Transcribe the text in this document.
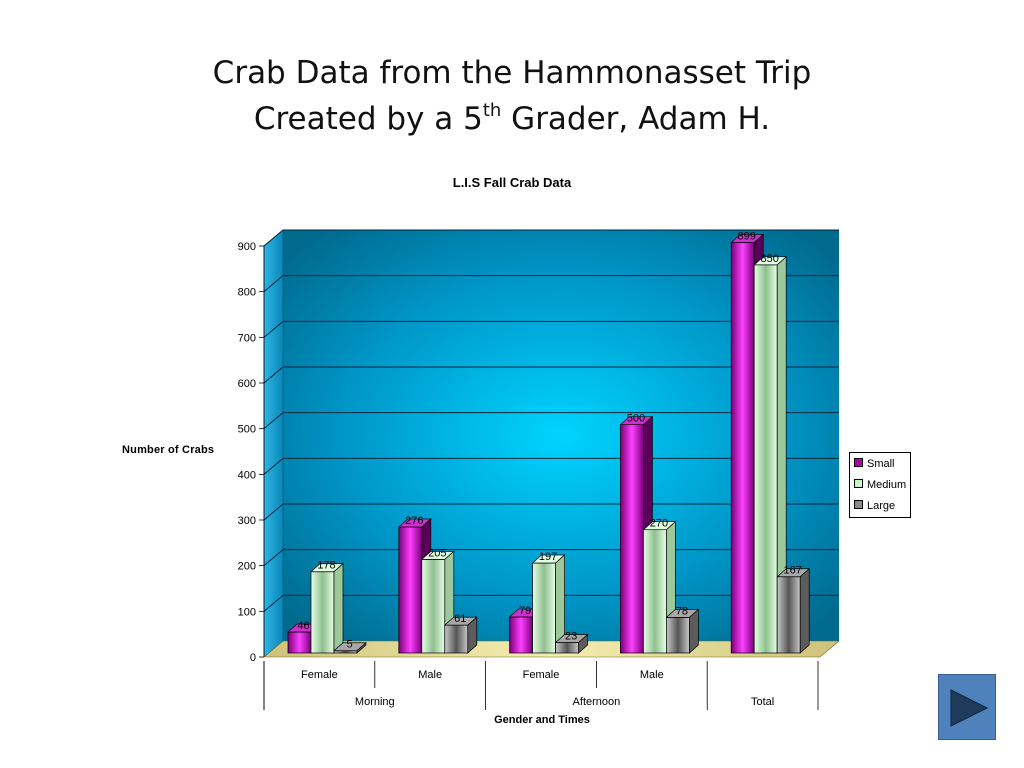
Crab Data from the Hammonasset Trip
Created by a 5th Grader, Adam H.
L.I.S Fall Crab Data
Number of Crabs
Gender and Times
0
100
200
300
400
500
600
700
800
900
46
178
5
276
205
61
79
197
23
500
270
78
899
850
167
Female	Male	Female	Male
Morning	Afternoon	Total
Small
Medium
Large
